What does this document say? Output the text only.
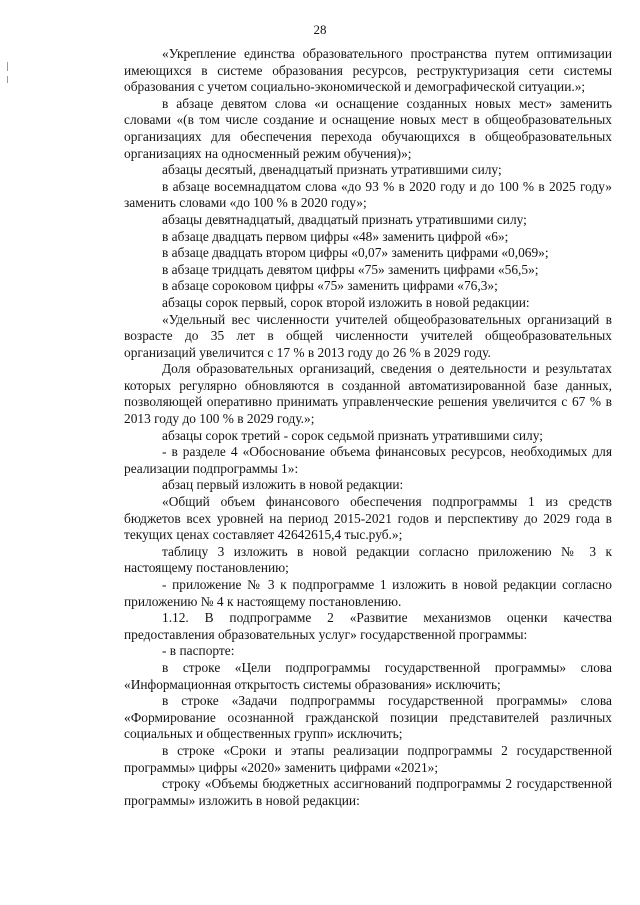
28

«Укрепление единства образовательного пространства путем оптимизации имеющихся в системе образования ресурсов, реструктуризация сети системы образования с учетом социально-экономической и демографической ситуации.»;

в абзаце девятом слова «и оснащение созданных новых мест» заменить словами «(в том числе создание и оснащение новых мест в общеобразовательных организациях для обеспечения перехода обучающихся в общеобразовательных организациях на односменный режим обучения)»;

абзацы десятый, двенадцатый признать утратившими силу;

в абзаце восемнадцатом слова «до 93 % в 2020 году и до 100 % в 2025 году» заменить словами «до 100 % в 2020 году»;

абзацы девятнадцатый, двадцатый признать утратившими силу;

в абзаце двадцать первом цифры «48» заменить цифрой «6»;

в абзаце двадцать втором цифры «0,07» заменить цифрами «0,069»;

в абзаце тридцать девятом цифры «75» заменить цифрами «56,5»;

в абзаце сороковом цифры «75» заменить цифрами «76,3»;

абзацы сорок первый, сорок второй изложить в новой редакции:

«Удельный вес численности учителей общеобразовательных организаций в возрасте до 35 лет в общей численности учителей общеобразовательных организаций увеличится с 17 % в 2013 году до 26 % в 2029 году.

Доля образовательных организаций, сведения о деятельности и результатах которых регулярно обновляются в созданной автоматизированной базе данных, позволяющей оперативно принимать управленческие решения увеличится с 67 % в 2013 году до 100 % в 2029 году.»;

абзацы сорок третий - сорок седьмой признать утратившими силу;

- в разделе 4 «Обоснование объема финансовых ресурсов, необходимых для реализации подпрограммы 1»:

абзац первый изложить в новой редакции:

«Общий объем финансового обеспечения подпрограммы 1 из средств бюджетов всех уровней на период 2015-2021 годов и перспективу до 2029 года в текущих ценах составляет 42642615,4 тыс.руб.»;

таблицу 3 изложить в новой редакции согласно приложению № 3 к настоящему постановлению;

- приложение № 3 к подпрограмме 1 изложить в новой редакции согласно приложению № 4 к настоящему постановлению.

1.12. В подпрограмме 2 «Развитие механизмов оценки качества предоставления образовательных услуг» государственной программы:

- в паспорте:

в строке «Цели подпрограммы государственной программы» слова «Информационная открытость системы образования» исключить;

в строке «Задачи подпрограммы государственной программы» слова «Формирование осознанной гражданской позиции представителей различных социальных и общественных групп» исключить;

в строке «Сроки и этапы реализации подпрограммы 2 государственной программы» цифры «2020» заменить цифрами «2021»;

строку «Объемы бюджетных ассигнований подпрограммы 2 государственной программы» изложить в новой редакции:
